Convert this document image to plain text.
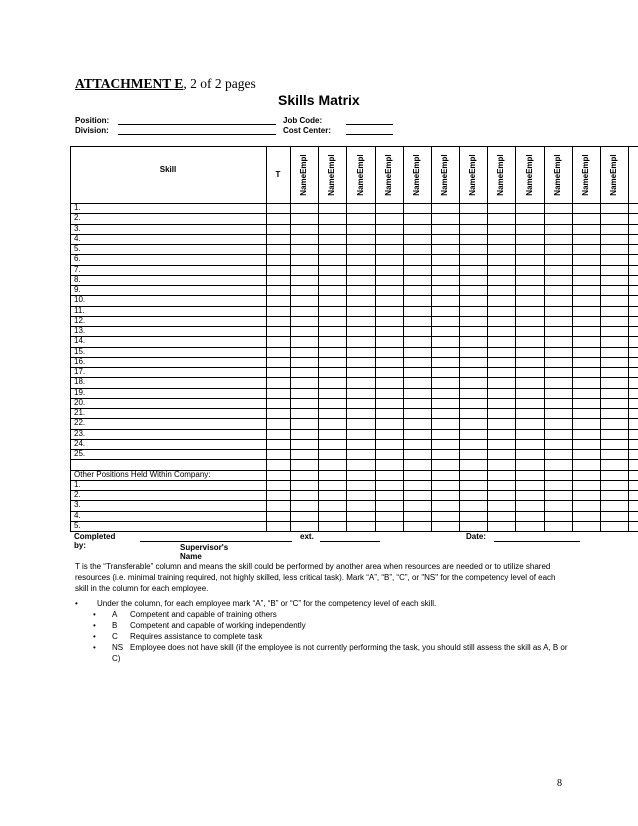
ATTACHMENT E, 2 of 2 pages
Skills Matrix
Position:
Division:
Job Code:
Cost Center:
Skill
T	NameEmpl NameEmpl NameEmpl NameEmpl NameEmpl NameEmpl NameEmpl NameEmpl NameEmpl NameEmpl NameEmpl NameEmpl
1.
2.
3.
4.
5.
6.
7.
8.
9.
10.
11.
12.
13.
14.
15.
16.
17.
18.
19.
20.
21.
22.
23.
24.
25.
Other Positions Held Within Company:
1.
2.
3.
4.
5.
Completed by:
ext.	Date:
Supervisor's Name
T is the “Transferable” column and means the skill could be performed by another area when resources are needed or to utilize shared resources (i.e. minimal training required, not highly skilled, less critical task). Mark “A”, “B”, “C”, or "NS" for the competency level of each skill in the column for each employee.
• Under the column, for each employee mark “A”, “B” or “C” for the competency level of each skill.
• A Competent and capable of training others
• B Competent and capable of working independently
• C Requires assistance to complete task
• NS Employee does not have skill (if the employee is not currently performing the task, you should still assess the skill as A, B or C)
8
